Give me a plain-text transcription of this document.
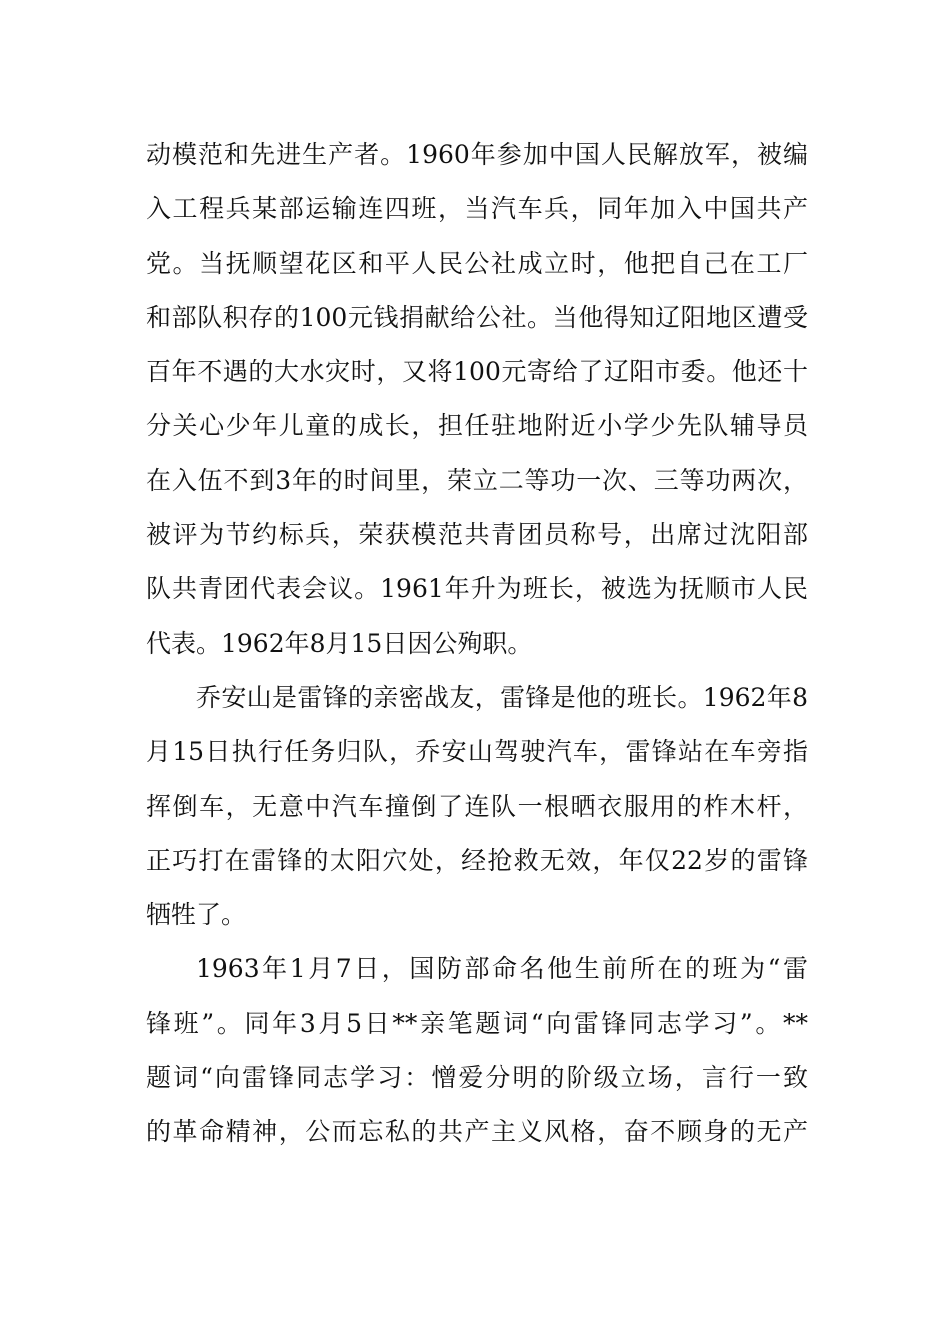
动模范和先进生产者。1960年参加中国人民解放军，被编
入工程兵某部运输连四班，当汽车兵，同年加入中国共产
党。当抚顺望花区和平人民公社成立时，他把自己在工厂
和部队积存的100元钱捐献给公社。当他得知辽阳地区遭受
百年不遇的大水灾时，又将100元寄给了辽阳市委。他还十
分关心少年儿童的成长，担任驻地附近小学少先队辅导员
在入伍不到3年的时间里，荣立二等功一次、三等功两次，
被评为节约标兵，荣获模范共青团员称号，出席过沈阳部
队共青团代表会议。1961年升为班长，被选为抚顺市人民
代表。1962年8月15日因公殉职。
乔安山是雷锋的亲密战友，雷锋是他的班长。1962年8
月15日执行任务归队，乔安山驾驶汽车，雷锋站在车旁指
挥倒车，无意中汽车撞倒了连队一根晒衣服用的柞木杆，
正巧打在雷锋的太阳穴处，经抢救无效，年仅22岁的雷锋
牺牲了。
1963年1月7日，国防部命名他生前所在的班为“雷
锋班”。同年3月5日**亲笔题词“向雷锋同志学习”。**
题词“向雷锋同志学习：憎爱分明的阶级立场，言行一致
的革命精神，公而忘私的共产主义风格，奋不顾身的无产
